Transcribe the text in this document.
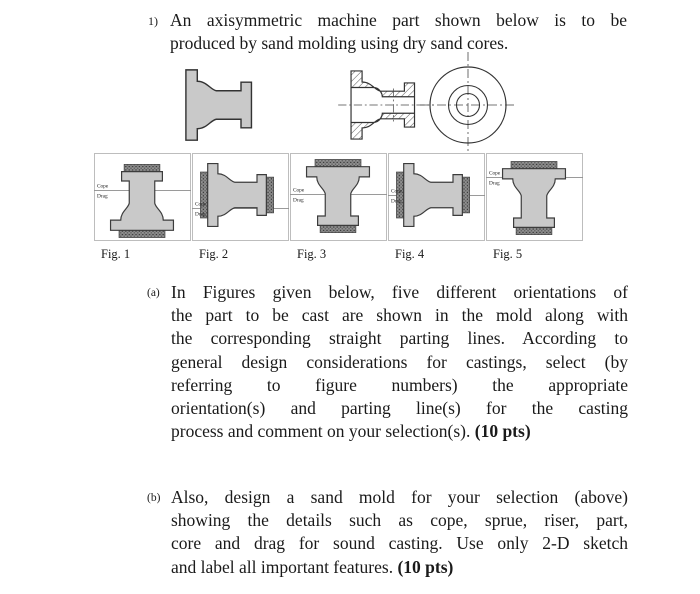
1) An axisymmetric machine part shown below is to be
produced by sand molding using dry sand cores.
Cope
Drag
Cope
Drag
Cope
Drag
Cope
Drag
Cope
Drag
Fig. 1	Fig. 2	Fig. 3	Fig. 4	Fig. 5
(a) In Figures given below, five different orientations of
the part to be cast are shown in the mold along with
the corresponding straight parting lines. According to
general design considerations for castings, select (by
referring to figure numbers) the appropriate
orientation(s) and parting line(s) for the casting
process and comment on your selection(s). (10 pts)
(b) Also, design a sand mold for your selection (above)
showing the details such as cope, sprue, riser, part,
core and drag for sound casting. Use only 2-D sketch
and label all important features. (10 pts)
